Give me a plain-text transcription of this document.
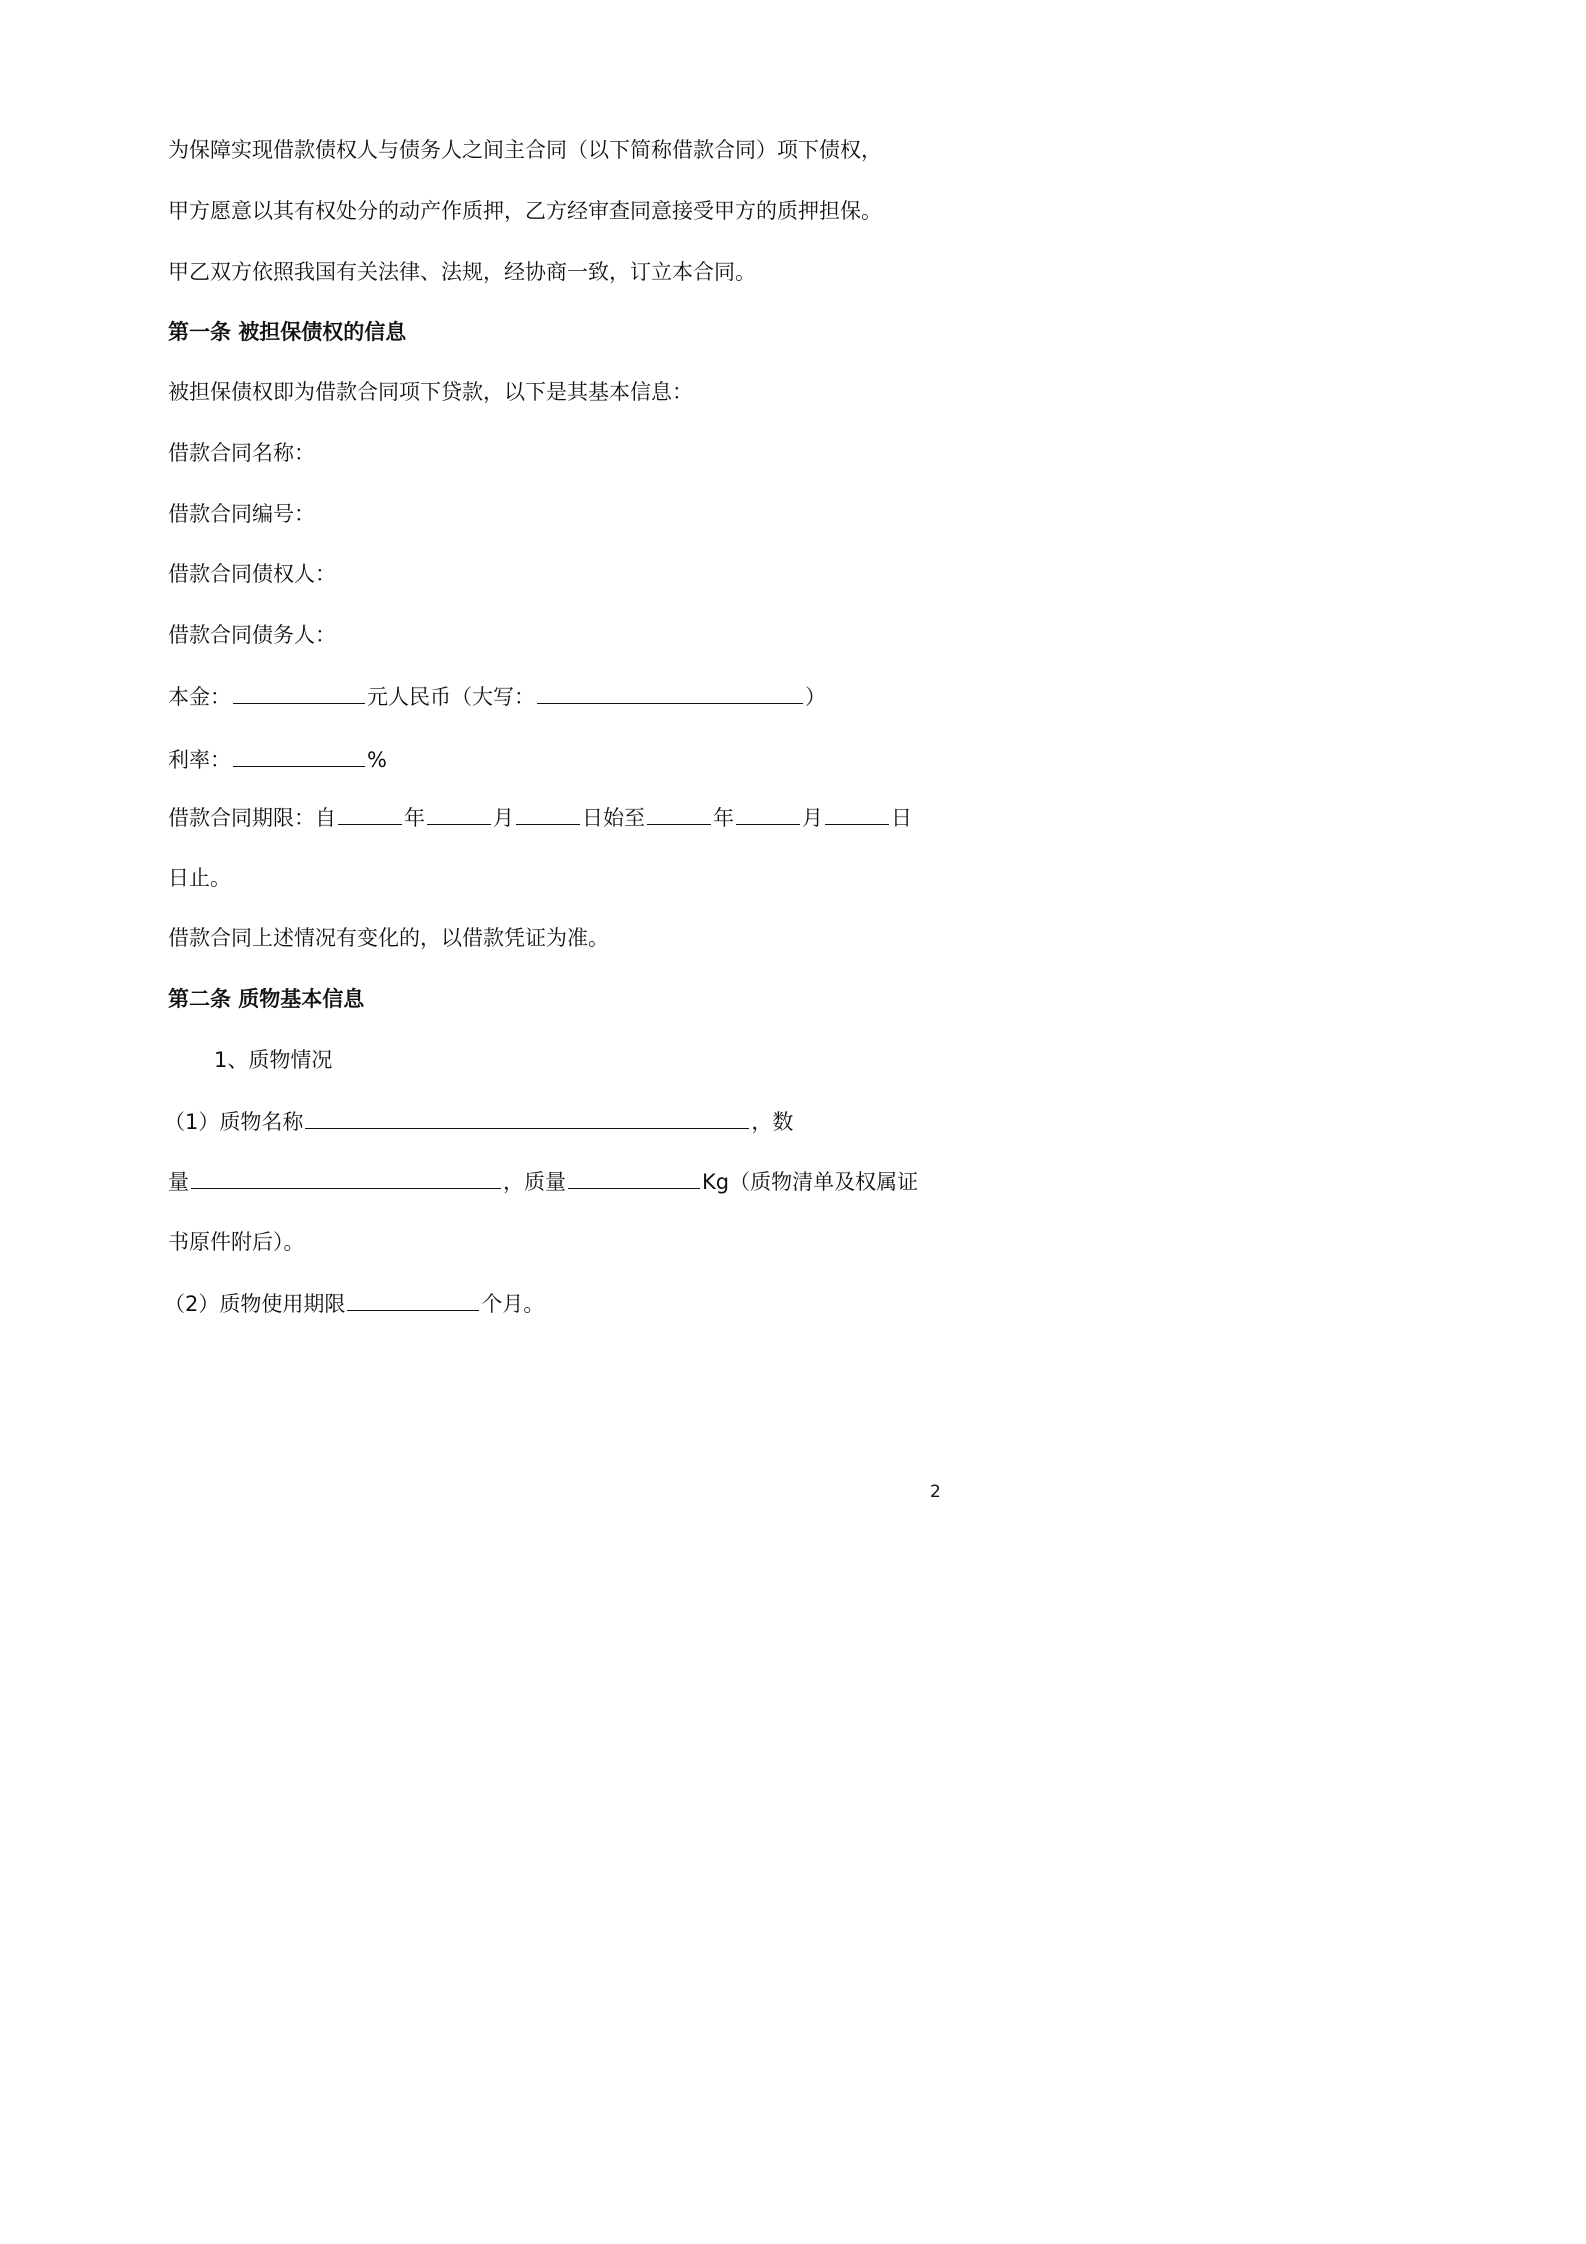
为保障实现借款债权人与债务人之间主合同（以下简称借款合同）项下债权，
甲方愿意以其有权处分的动产作质押，乙方经审查同意接受甲方的质押担保。
甲乙双方依照我国有关法律、法规，经协商一致，订立本合同。
第一条 被担保债权的信息
被担保债权即为借款合同项下贷款，以下是其基本信息：
借款合同名称：
借款合同编号：
借款合同债权人：
借款合同债务人：
本金：	元人民币（大写：	）
利率：	%
借款合同期限：自	年	月	日始至	年	月	日
日止。
借款合同上述情况有变化的，以借款凭证为准。
第二条 质物基本信息
1、质物情况
（1）质物名称	，数
量	，质量	Kg（质物清单及权属证
书原件附后）。
（2）质物使用期限	个月。
2
